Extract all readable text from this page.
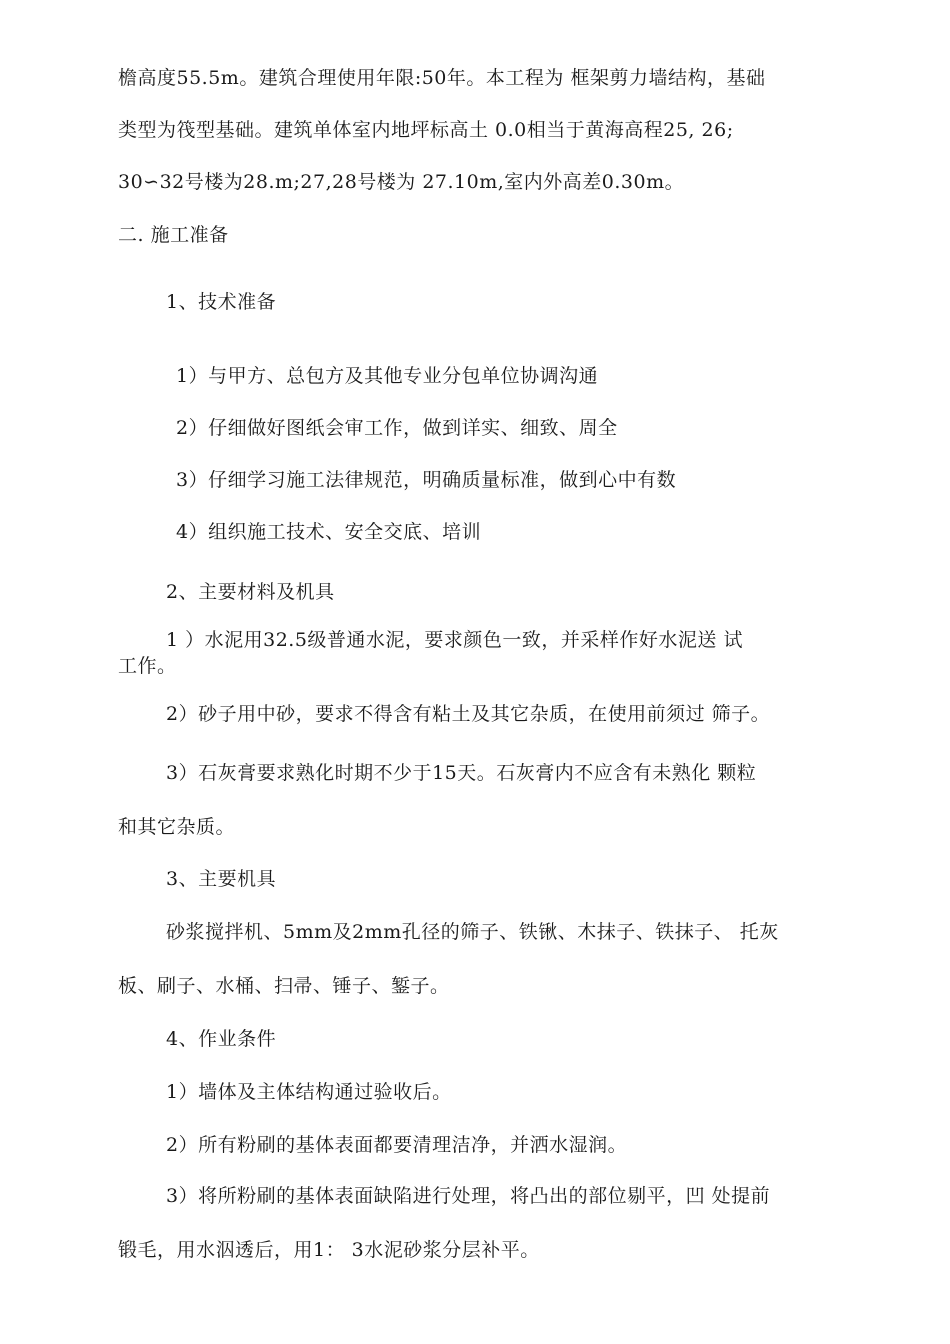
檐高度55.5m。建筑合理使用年限:50年。本工程为 框架剪力墙结构，基础
类型为筏型基础。建筑单体室内地坪标高土 0.0相当于黄海高程25, 26;
30∽32号楼为28.m;27,28号楼为 27.10m,室内外高差0.30m。
二. 施工准备
1、技术准备
1）与甲方、总包方及其他专业分包单位协调沟通
2）仔细做好图纸会审工作，做到详实、细致、周全
3）仔细学习施工法律规范，明确质量标准，做到心中有数
4）组织施工技术、安全交底、培训
2、主要材料及机具
1 ）水泥用32.5级普通水泥，要求颜色一致，并采样作好水泥送 试
工作。
2）砂子用中砂，要求不得含有粘土及其它杂质，在使用前须过 筛子。
3）石灰膏要求熟化时期不少于15天。石灰膏内不应含有未熟化 颗粒
和其它杂质。
3、主要机具
砂浆搅拌机、5mm及2mm孔径的筛子、铁锹、木抹子、铁抹子、 托灰
板、刷子、水桶、扫帚、锤子、錾子。
4、作业条件
1）墙体及主体结构通过验收后。
2）所有粉刷的基体表面都要清理洁净，并洒水湿润。
3）将所粉刷的基体表面缺陷进行处理，将凸出的部位剔平，凹 处提前
锻毛，用水泅透后，用1： 3水泥砂浆分层补平。
